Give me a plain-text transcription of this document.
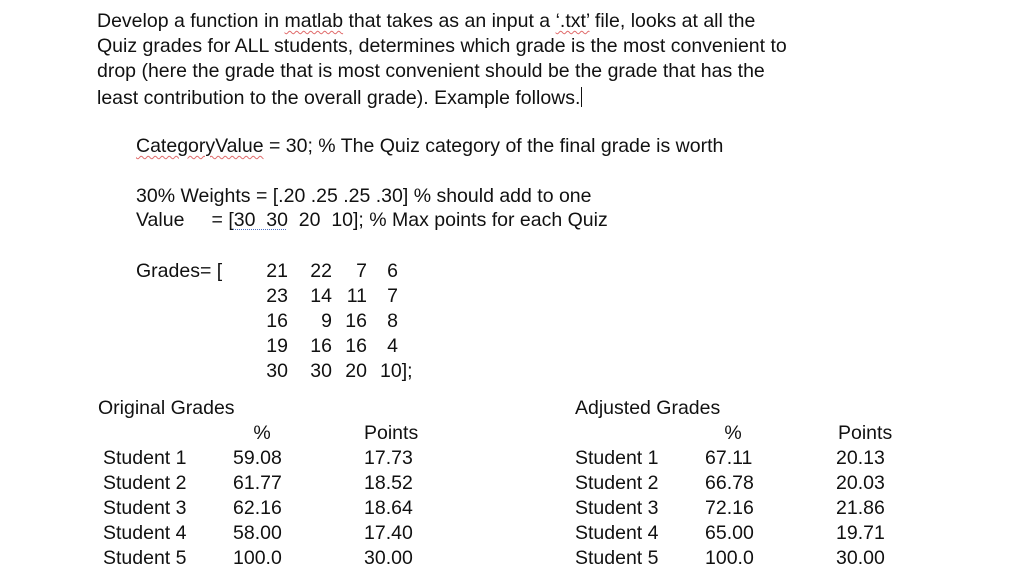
Develop a function in matlab that takes as an input a ‘.txt’ file, looks at all the
Quiz grades for ALL students, determines which grade is the most convenient to
drop (here the grade that is most convenient should be the grade that has the
least contribution to the overall grade). Example follows.
CategoryValue = 30; % The Quiz category of the final grade is worth
30% Weights = [.20 .25 .25 .30] % should add to one
Value     = [30  30  20  10]; % Max points for each Quiz
Grades= [ 21 22 7 6
23 14 11 7
16 9 16 8
19 16 16 4
30 30 20 10];
Original Grades
%	Points
Student 1 59.08	17.73
Student 2 61.77	18.52
Student 3 62.16	18.64
Student 4 58.00	17.40
Student 5 100.0	30.00
Adjusted Grades
%	Points
Student 1 67.11	20.13
Student 2 66.78	20.03
Student 3 72.16	21.86
Student 4 65.00	19.71
Student 5 100.0	30.00
